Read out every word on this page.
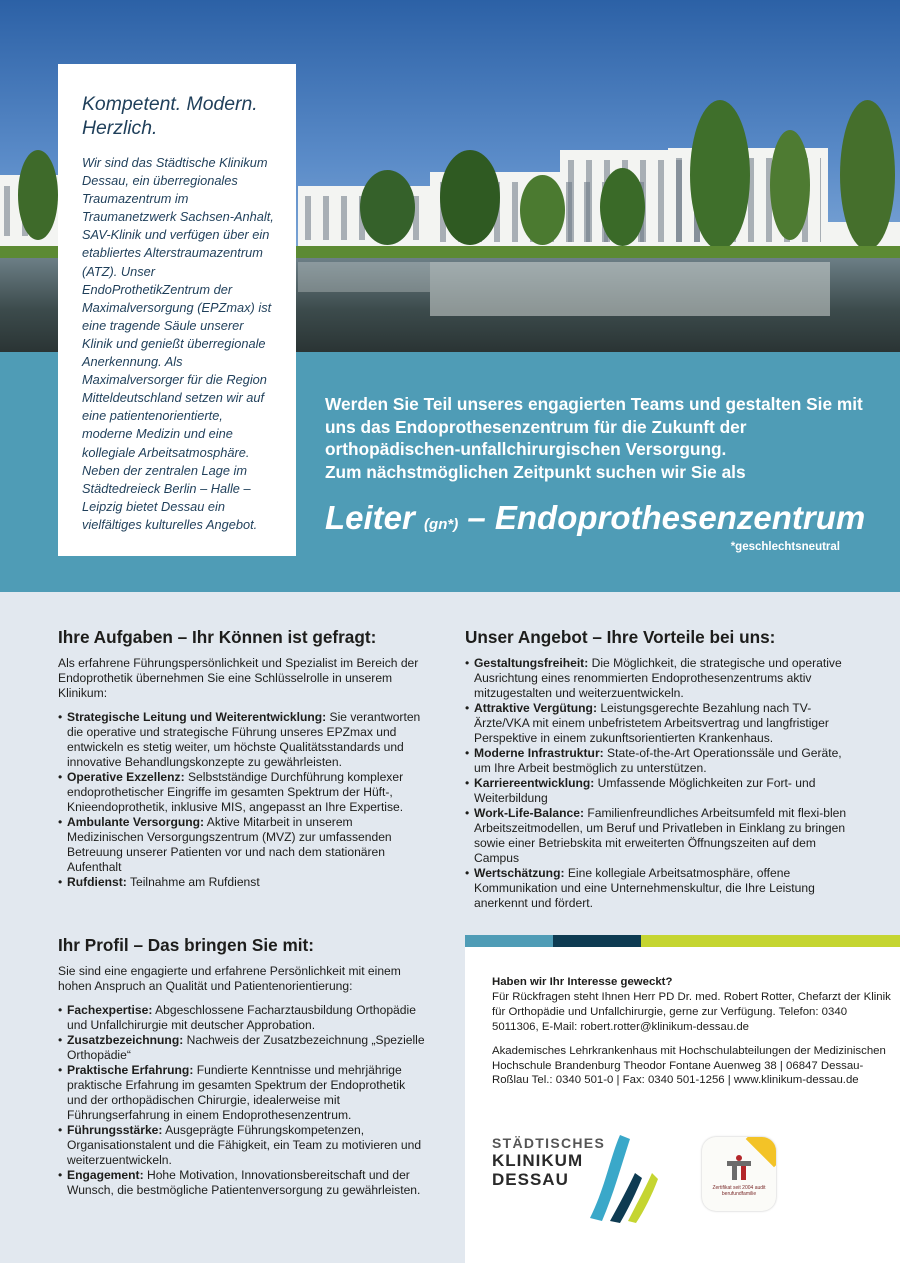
Werden Sie Teil unseres engagierten Teams und gestalten Sie mit uns das Endoprothesenzentrum für die Zukunft der orthopädischen-unfallchirurgischen Versorgung.

Zum nächstmöglichen Zeitpunkt suchen wir Sie als

Leiter (gn*) – Endoprothesenzentrum
*geschlechtsneutral
Kompetent. Modern. Herzlich.

Wir sind das Städtische Klinikum Dessau, ein überregionales Traumazentrum im Traumanetzwerk Sachsen-Anhalt, SAV-Klinik und verfügen über ein etabliertes Alterstraumazentrum (ATZ). Unser EndoProthetikZentrum der Maximalversorgung (EPZmax) ist eine tragende Säule unserer Klinik und genießt überregionale Anerkennung. Als Maximalversorger für die Region Mitteldeutschland setzen wir auf eine patientenorientierte, moderne Medizin und eine kollegiale Arbeitsatmosphäre. Neben der zentralen Lage im Städtedreieck Berlin – Halle – Leipzig bietet Dessau ein vielfältiges kulturelles Angebot.

Ihre Aufgaben – Ihr Können ist gefragt:

Als erfahrene Führungspersönlichkeit und Spezialist im Bereich der Endoprothetik übernehmen Sie eine Schlüsselrolle in unserem Klinikum:

• Strategische Leitung und Weiterentwicklung: Sie verantworten die operative und strategische Führung unseres EPZmax und entwickeln es stetig weiter, um höchste Qualitätsstandards und innovative Behandlungskonzepte zu gewährleisten.
• Operative Exzellenz: Selbstständige Durchführung komplexer endoprothetischer Eingriffe im gesamten Spektrum der Hüft-, Knieendoprothetik, inklusive MIS, angepasst an Ihre Expertise.
• Ambulante Versorgung: Aktive Mitarbeit in unserem Medizinischen Versorgungszentrum (MVZ) zur umfassenden Betreuung unserer Patienten vor und nach dem stationären Aufenthalt
• Rufdienst: Teilnahme am Rufdienst
Ihr Profil – Das bringen Sie mit:

Sie sind eine engagierte und erfahrene Persönlichkeit mit einem hohen Anspruch an Qualität und Patientenorientierung:

• Fachexpertise: Abgeschlossene Facharztausbildung Orthopädie und Unfallchirurgie mit deutscher Approbation.
• Zusatzbezeichnung: Nachweis der Zusatzbezeichnung „Spezielle Orthopädie“
• Praktische Erfahrung: Fundierte Kenntnisse und mehrjährige praktische Erfahrung im gesamten Spektrum der Endoprothetik und der orthopädischen Chirurgie, idealerweise mit Führungserfahrung in einem Endoprothesenzentrum.
• Führungsstärke: Ausgeprägte Führungskompetenzen, Organisationstalent und die Fähigkeit, ein Team zu motivieren und weiterzuentwickeln.
• Engagement: Hohe Motivation, Innovationsbereitschaft und der Wunsch, die bestmögliche Patientenversorgung zu gewährleisten.
Unser Angebot – Ihre Vorteile bei uns:
• Gestaltungsfreiheit: Die Möglichkeit, die strategische und operative Ausrichtung eines renommierten Endoprothesenzentrums aktiv mitzugestalten und weiterzuentwickeln.
• Attraktive Vergütung: Leistungsgerechte Bezahlung nach TV-Ärzte/VKA mit einem unbefristetem Arbeitsvertrag und langfristiger Perspektive in einem zukunftsorientierten Krankenhaus.
• Moderne Infrastruktur: State-of-the-Art Operationssäle und Geräte, um Ihre Arbeit bestmöglich zu unterstützen.
• Karriereentwicklung: Umfassende Möglichkeiten zur Fort- und Weiterbildung
• Work-Life-Balance: Familienfreundliches Arbeitsumfeld mit flexi-blen Arbeitszeitmodellen, um Beruf und Privatleben in Einklang zu bringen sowie einer Betriebskita mit erweiterten Öffnungszeiten auf dem Campus
• Wertschätzung: Eine kollegiale Arbeitsatmosphäre, offene Kommunikation und eine Unternehmenskultur, die Ihre Leistung anerkennt und fördert.
Haben wir Ihr Interesse geweckt?

Für Rückfragen steht Ihnen Herr PD Dr. med. Robert Rotter, Chefarzt der Klinik für Orthopädie und Unfallchirurgie, gerne zur Verfügung. Telefon: 0340 5011306, E-Mail: robert.rotter@klinikum-dessau.de

Akademisches Lehrkrankenhaus mit Hochschulabteilungen der Medizinischen Hochschule Brandenburg Theodor Fontane Auenweg 38 | 06847 Dessau-Roßlau Tel.: 0340 501-0 | Fax: 0340 501-1256 | www.klinikum-dessau.de

STÄDTISCHES
KLINIKUM
DESSAU	Zertifikat seit 2004 audit berufundfamilie
